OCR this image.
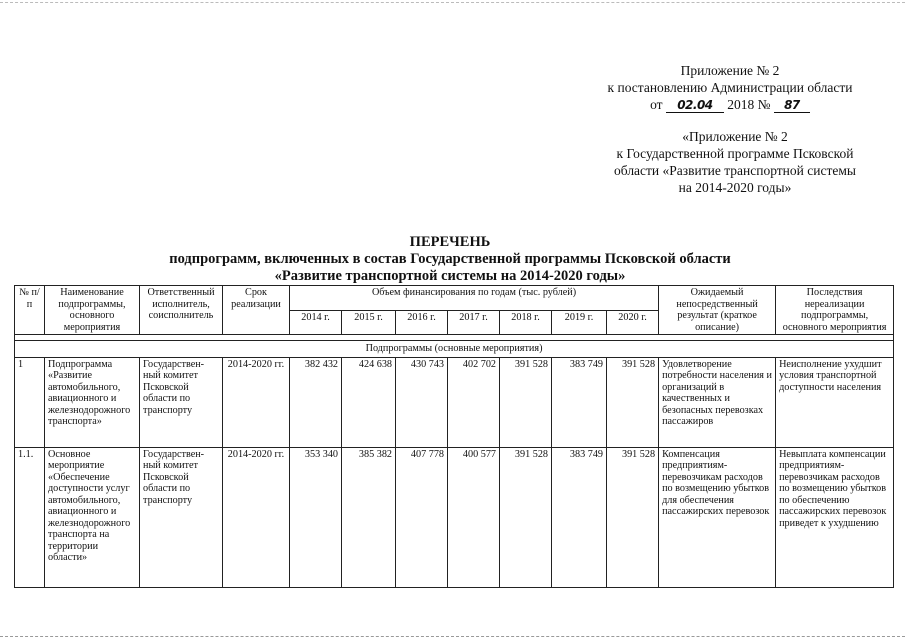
Приложение № 2
к постановлению Администрации области
от 02.04 2018 № 87
«Приложение № 2
к Государственной программе Псковской
области «Развитие транспортной системы
на 2014-2020 годы»
ПЕРЕЧЕНЬ
подпрограмм, включенных в состав Государственной программы Псковской области
«Развитие транспортной системы на 2014-2020 годы»
№ п/п	Наименование подпрограммы, основного мероприятия	Ответственный исполнитель, соисполнитель	Срок реализации	Объем финансирования по годам (тыс. рублей)							Ожидаемый непосредственный результат (краткое описание)	Последствия нереализации подпрограммы, основного мероприятия
				2014 г.	2015 г.	2016 г.	2017 г.	2018 г.	2019 г.	2020 г.		

Подпрограммы (основные мероприятия)												
1	Подпрограмма «Развитие автомобильного, авиационного и железнодорожного транспорта»	Государствен-ный комитет Псковской области по транспорту	2014-2020 гг.	382 432	424 638	430 743	402 702	391 528	383 749	391 528	Удовлетворение потребности населения и организаций в качественных и безопасных перевозках пассажиров	Неисполнение ухудшит условия транспортной доступности населения
1.1.	Основное мероприятие «Обеспечение доступности услуг автомобильного, авиационного и железнодорожного транспорта на территории области»	Государствен-ный комитет Псковской области по транспорту	2014-2020 гг.	353 340	385 382	407 778	400 577	391 528	383 749	391 528	Компенсация предприятиям-перевозчикам расходов по возмещению убытков для обеспечения пассажирских перевозок	Невыплата компенсации предприятиям-перевозчикам расходов по возмещению убытков по обеспечению пассажирских перевозок приведет к ухудшению
